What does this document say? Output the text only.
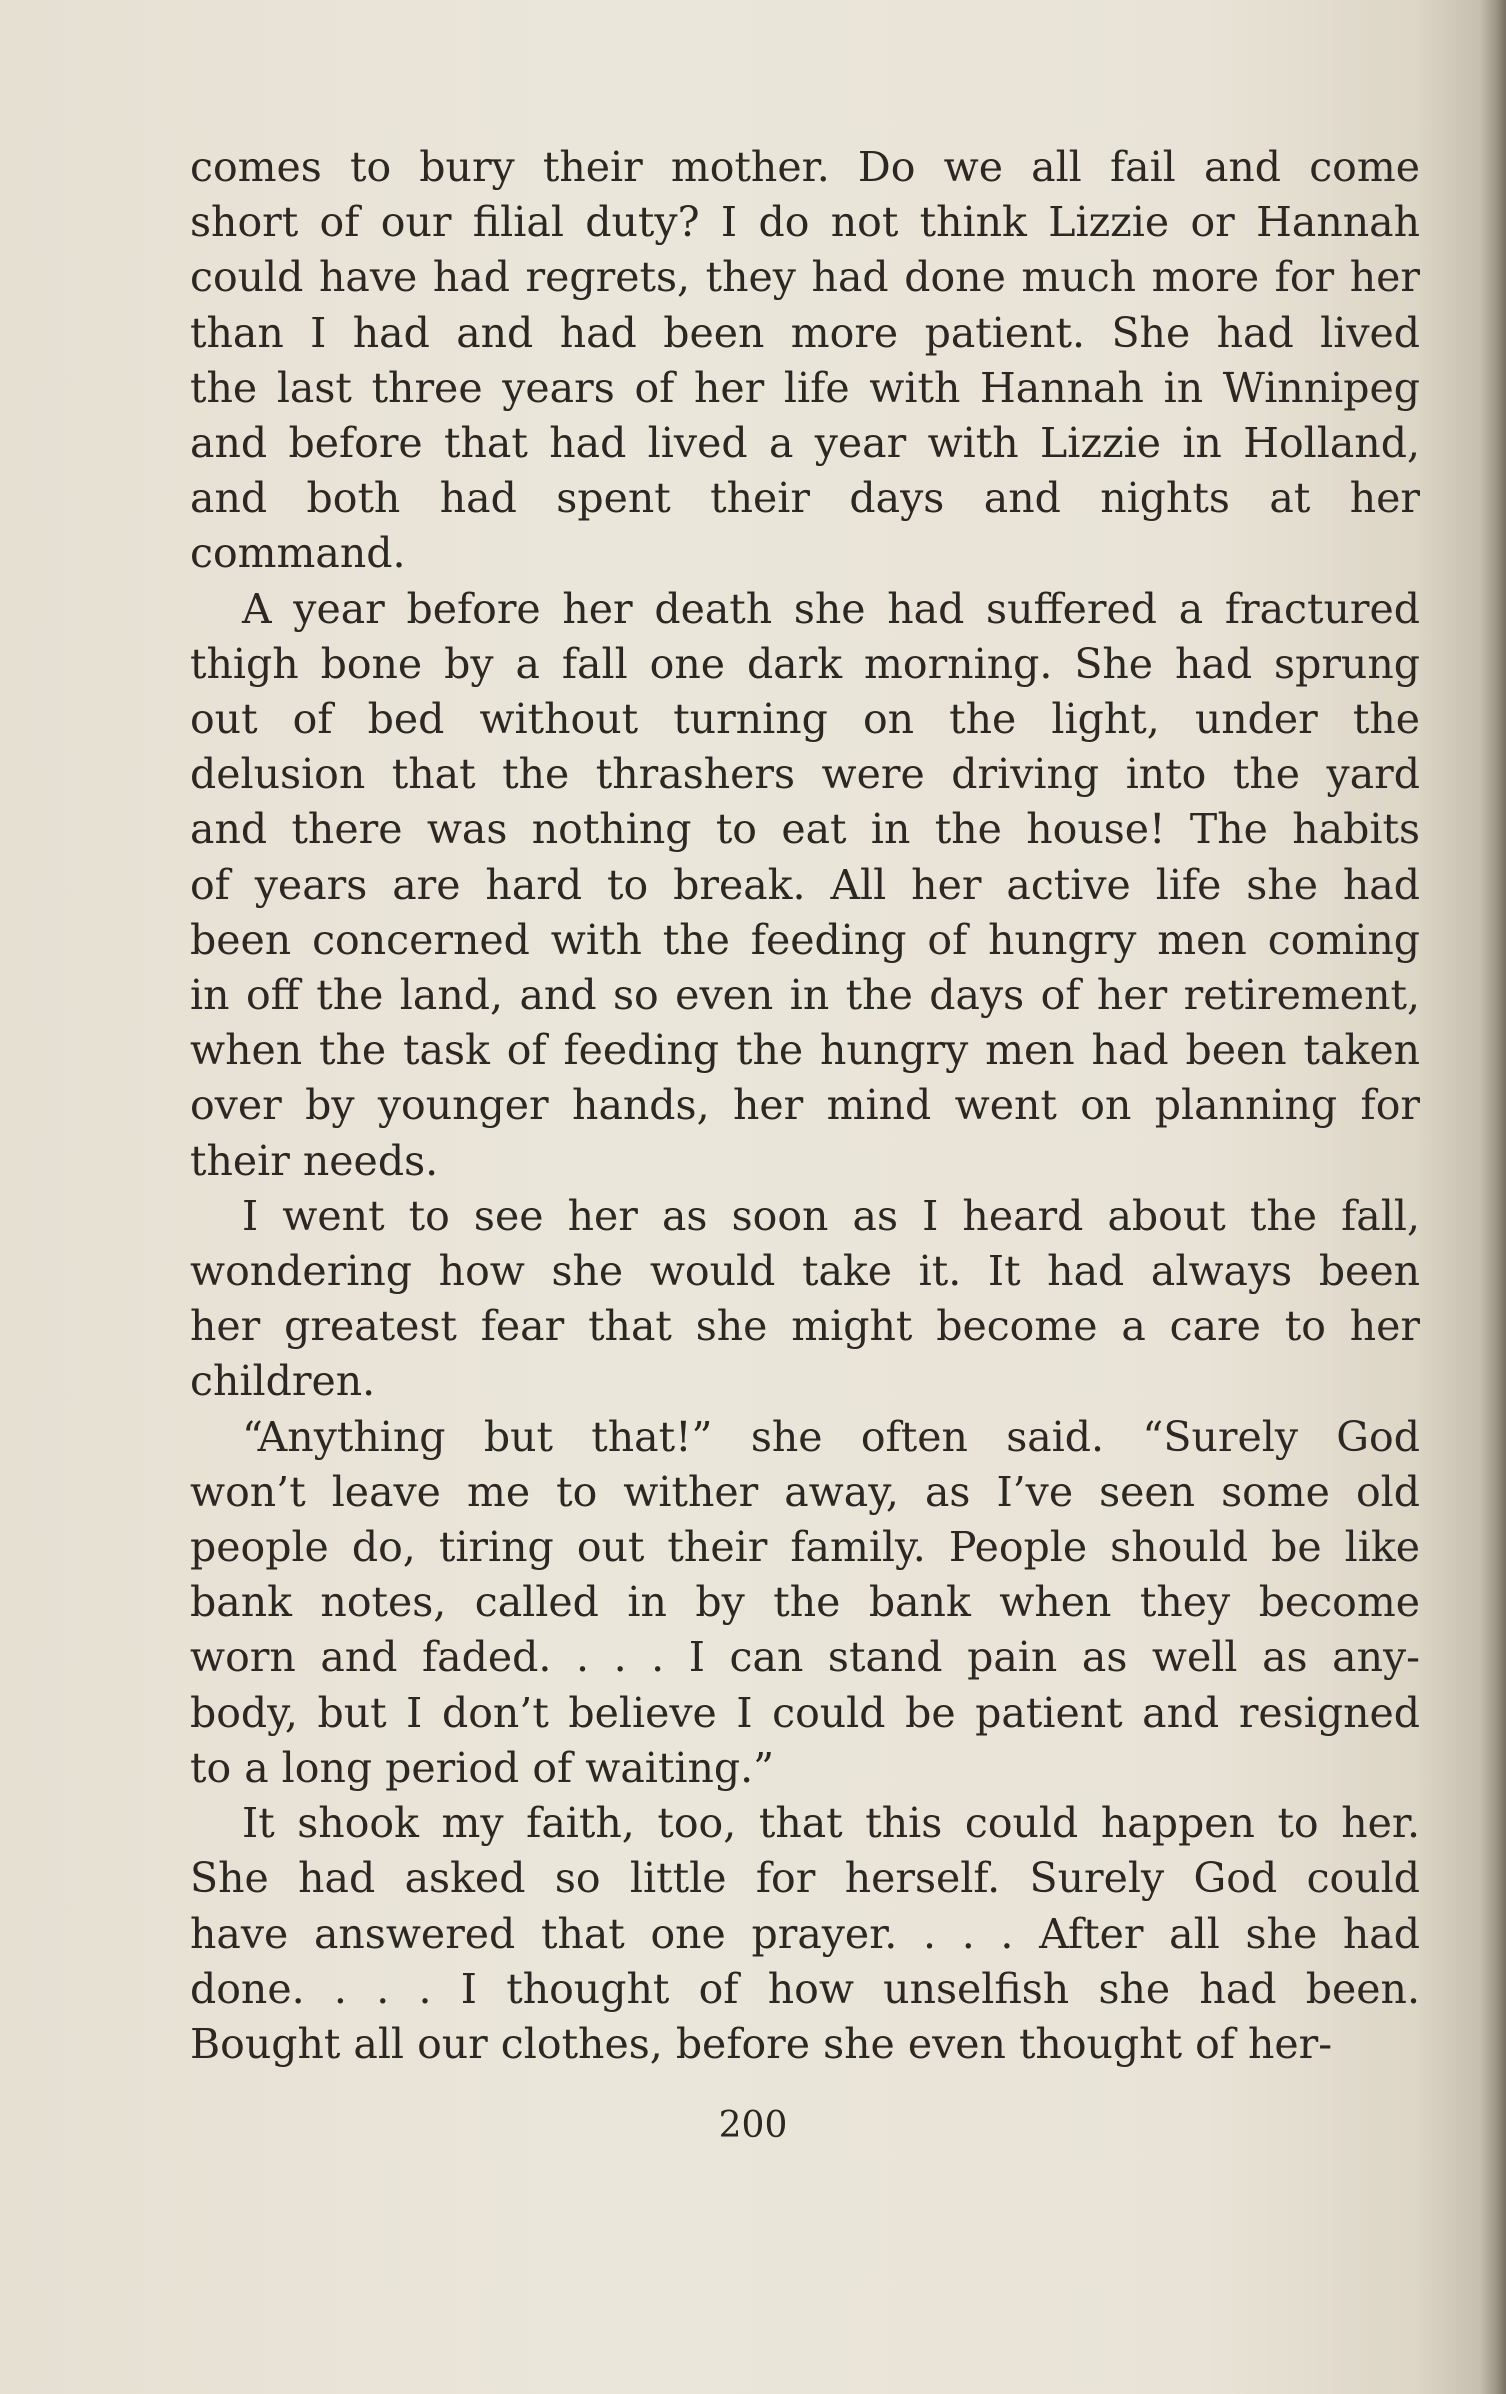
comes to bury their mother. Do we all fail and come
short of our filial duty? I do not think Lizzie or Hannah
could have had regrets, they had done much more for her
than I had and had been more patient. She had lived
the last three years of her life with Hannah in Winnipeg
and before that had lived a year with Lizzie in Holland,
and both had spent their days and nights at her
command.
A year before her death she had suffered a fractured
thigh bone by a fall one dark morning. She had sprung
out of bed without turning on the light, under the
delusion that the thrashers were driving into the yard
and there was nothing to eat in the house! The habits
of years are hard to break. All her active life she had
been concerned with the feeding of hungry men coming
in off the land, and so even in the days of her retirement,
when the task of feeding the hungry men had been taken
over by younger hands, her mind went on planning for
their needs.
I went to see her as soon as I heard about the fall,
wondering how she would take it. It had always been
her greatest fear that she might become a care to her
children.
“Anything but that!” she often said. “Surely God
won’t leave me to wither away, as I’ve seen some old
people do, tiring out their family. People should be like
bank notes, called in by the bank when they become
worn and faded. . . . I can stand pain as well as any-
body, but I don’t believe I could be patient and resigned
to a long period of waiting.”
It shook my faith, too, that this could happen to her.
She had asked so little for herself. Surely God could
have answered that one prayer. . . . After all she had
done. . . . I thought of how unselfish she had been.
Bought all our clothes, before she even thought of her-
200
